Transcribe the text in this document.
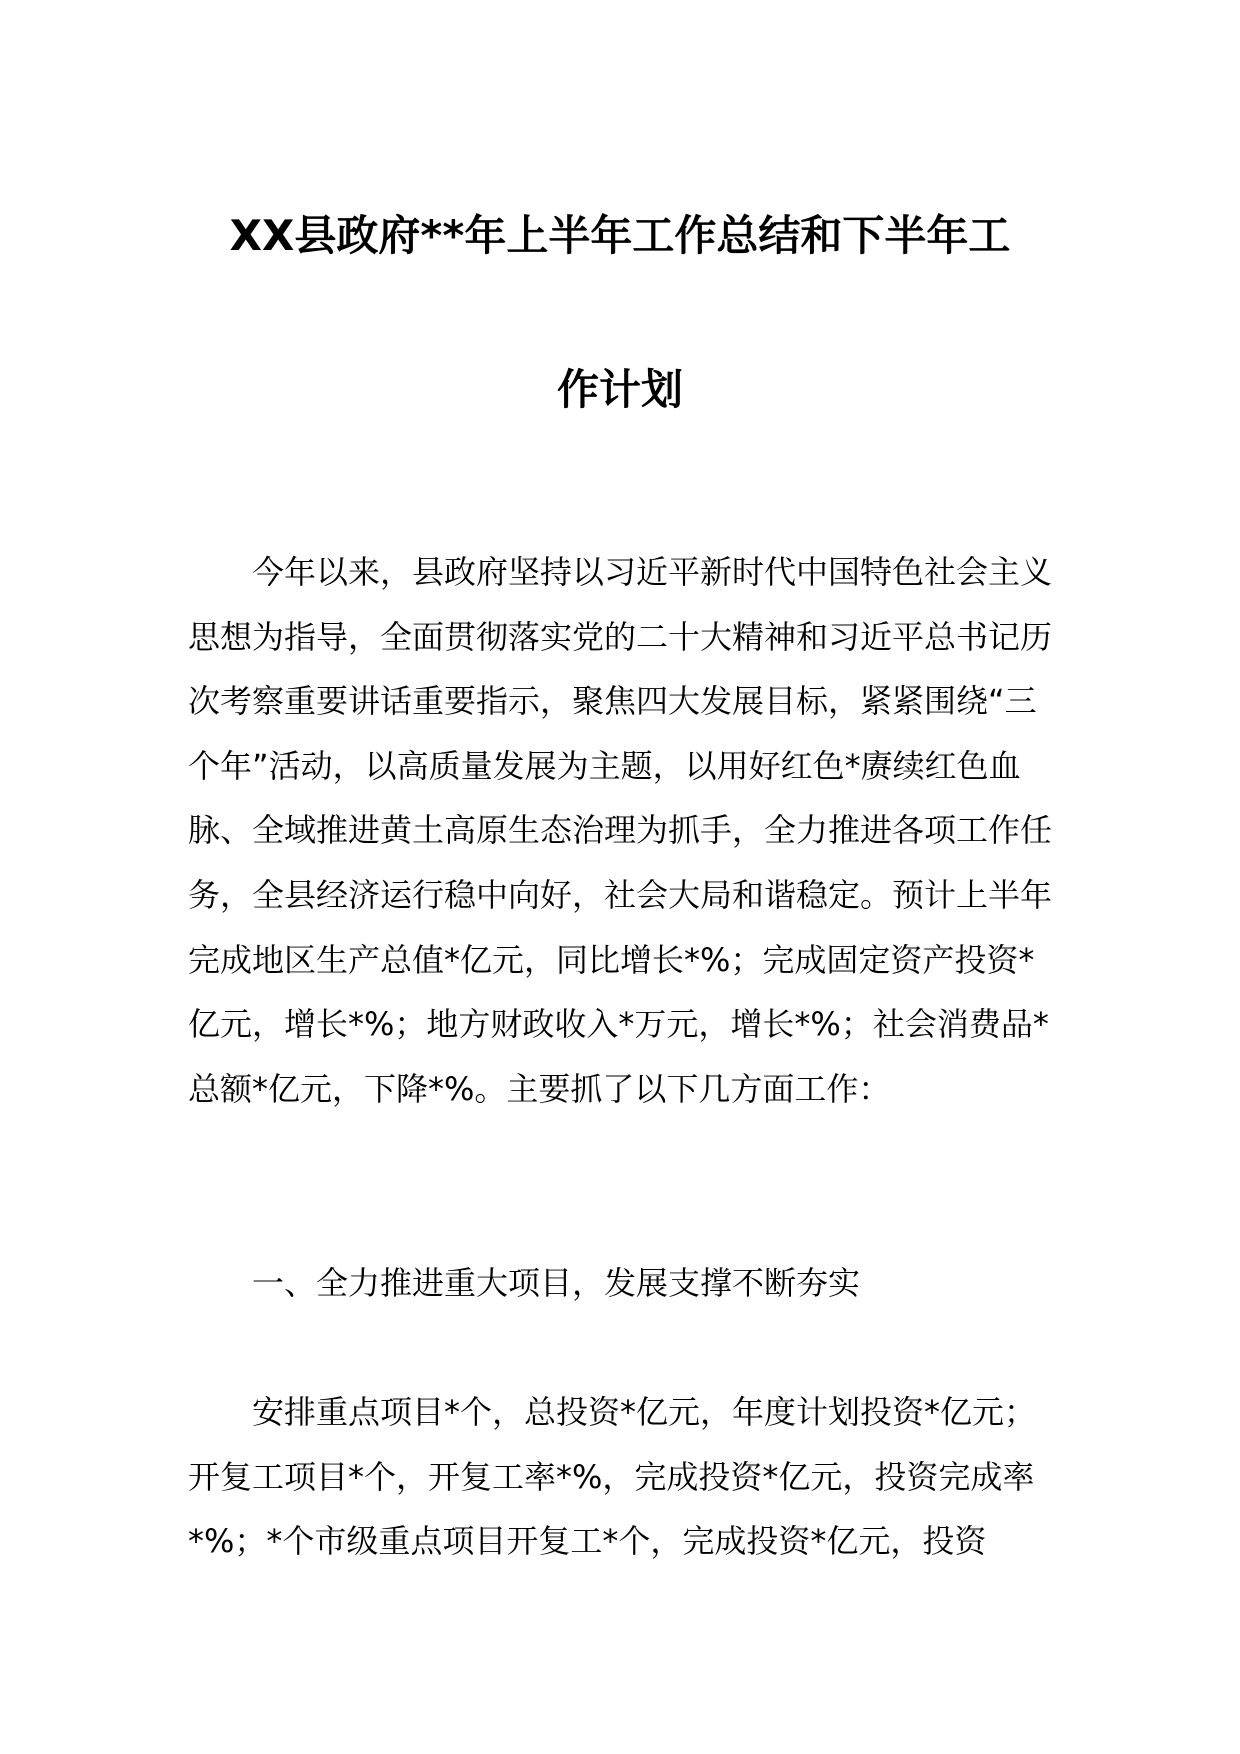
XX县政府**年上半年工作总结和下半年工
作计划

今年以来，县政府坚持以习近平新时代中国特色社会主义思想为指导，全面贯彻落实党的二十大精神和习近平总书记历次考察重要讲话重要指示，聚焦四大发展目标，紧紧围绕“三个年”活动，以高质量发展为主题，以用好红色*赓续红色血脉、全域推进黄土高原生态治理为抓手，全力推进各项工作任务，全县经济运行稳中向好，社会大局和谐稳定。预计上半年完成地区生产总值*亿元，同比增长*%；完成固定资产投资*亿元，增长*%；地方财政收入*万元，增长*%；社会消费品*总额*亿元，下降*%。主要抓了以下几方面工作：

一、全力推进重大项目，发展支撑不断夯实

安排重点项目*个，总投资*亿元，年度计划投资*亿元；开复工项目*个，开复工率*%，完成投资*亿元，投资完成率*%；*个市级重点项目开复工*个，完成投资*亿元，投资
